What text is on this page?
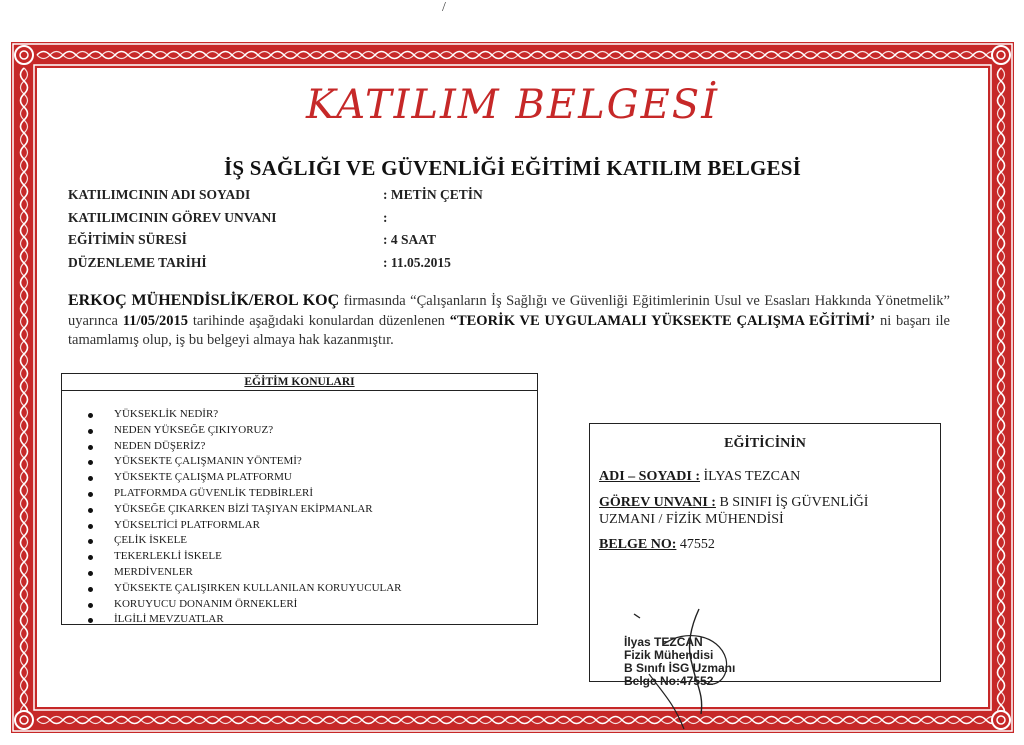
/
KATILIM BELGESİ
İŞ SAĞLIĞI VE GÜVENLİĞİ EĞİTİMİ KATILIM BELGESİ
KATILIMCININ ADI SOYADI	: METİN ÇETİN
KATILIMCININ GÖREV UNVANI	:
EĞİTİMİN SÜRESİ	: 4 SAAT
DÜZENLEME TARİHİ	: 11.05.2015
ERKOÇ MÜHENDİSLİK/EROL KOÇ firmasında “Çalışanların İş Sağlığı ve Güvenliği Eğitimlerinin Usul ve Esasları Hakkında Yönetmelik” uyarınca 11/05/2015 tarihinde aşağıdaki konulardan düzenlenen “TEORİK VE UYGULAMALI YÜKSEKTE ÇALIŞMA EĞİTİMİ’ ni başarı ile tamamlamış olup, iş bu belgeyi almaya hak kazanmıştır.
EĞİTİM KONULARI
YÜKSEKLİK NEDİR?
NEDEN YÜKSEĞE ÇIKIYORUZ?
NEDEN DÜŞERİZ?
YÜKSEKTE ÇALIŞMANIN YÖNTEMİ?
YÜKSEKTE ÇALIŞMA PLATFORMU
PLATFORMDA GÜVENLİK TEDBİRLERİ
YÜKSEĞE ÇIKARKEN BİZİ TAŞIYAN EKİPMANLAR
YÜKSELTİCİ PLATFORMLAR
ÇELİK İSKELE
TEKERLEKLİ İSKELE
MERDİVENLER
YÜKSEKTE ÇALIŞIRKEN KULLANILAN KORUYUCULAR
KORUYUCU DONANIM ÖRNEKLERİ
İLGİLİ MEVZUATLAR
EĞİTİCİNİN
ADI – SOYADI : İLYAS TEZCAN
GÖREV UNVANI : B SINIFI İŞ GÜVENLİĞİ
UZMANI / FİZİK MÜHENDİSİ
BELGE NO: 47552
İlyas TEZCAN
Fizik Mühendisi
B Sınıfı İSG Uzmanı
Belge No:47552
